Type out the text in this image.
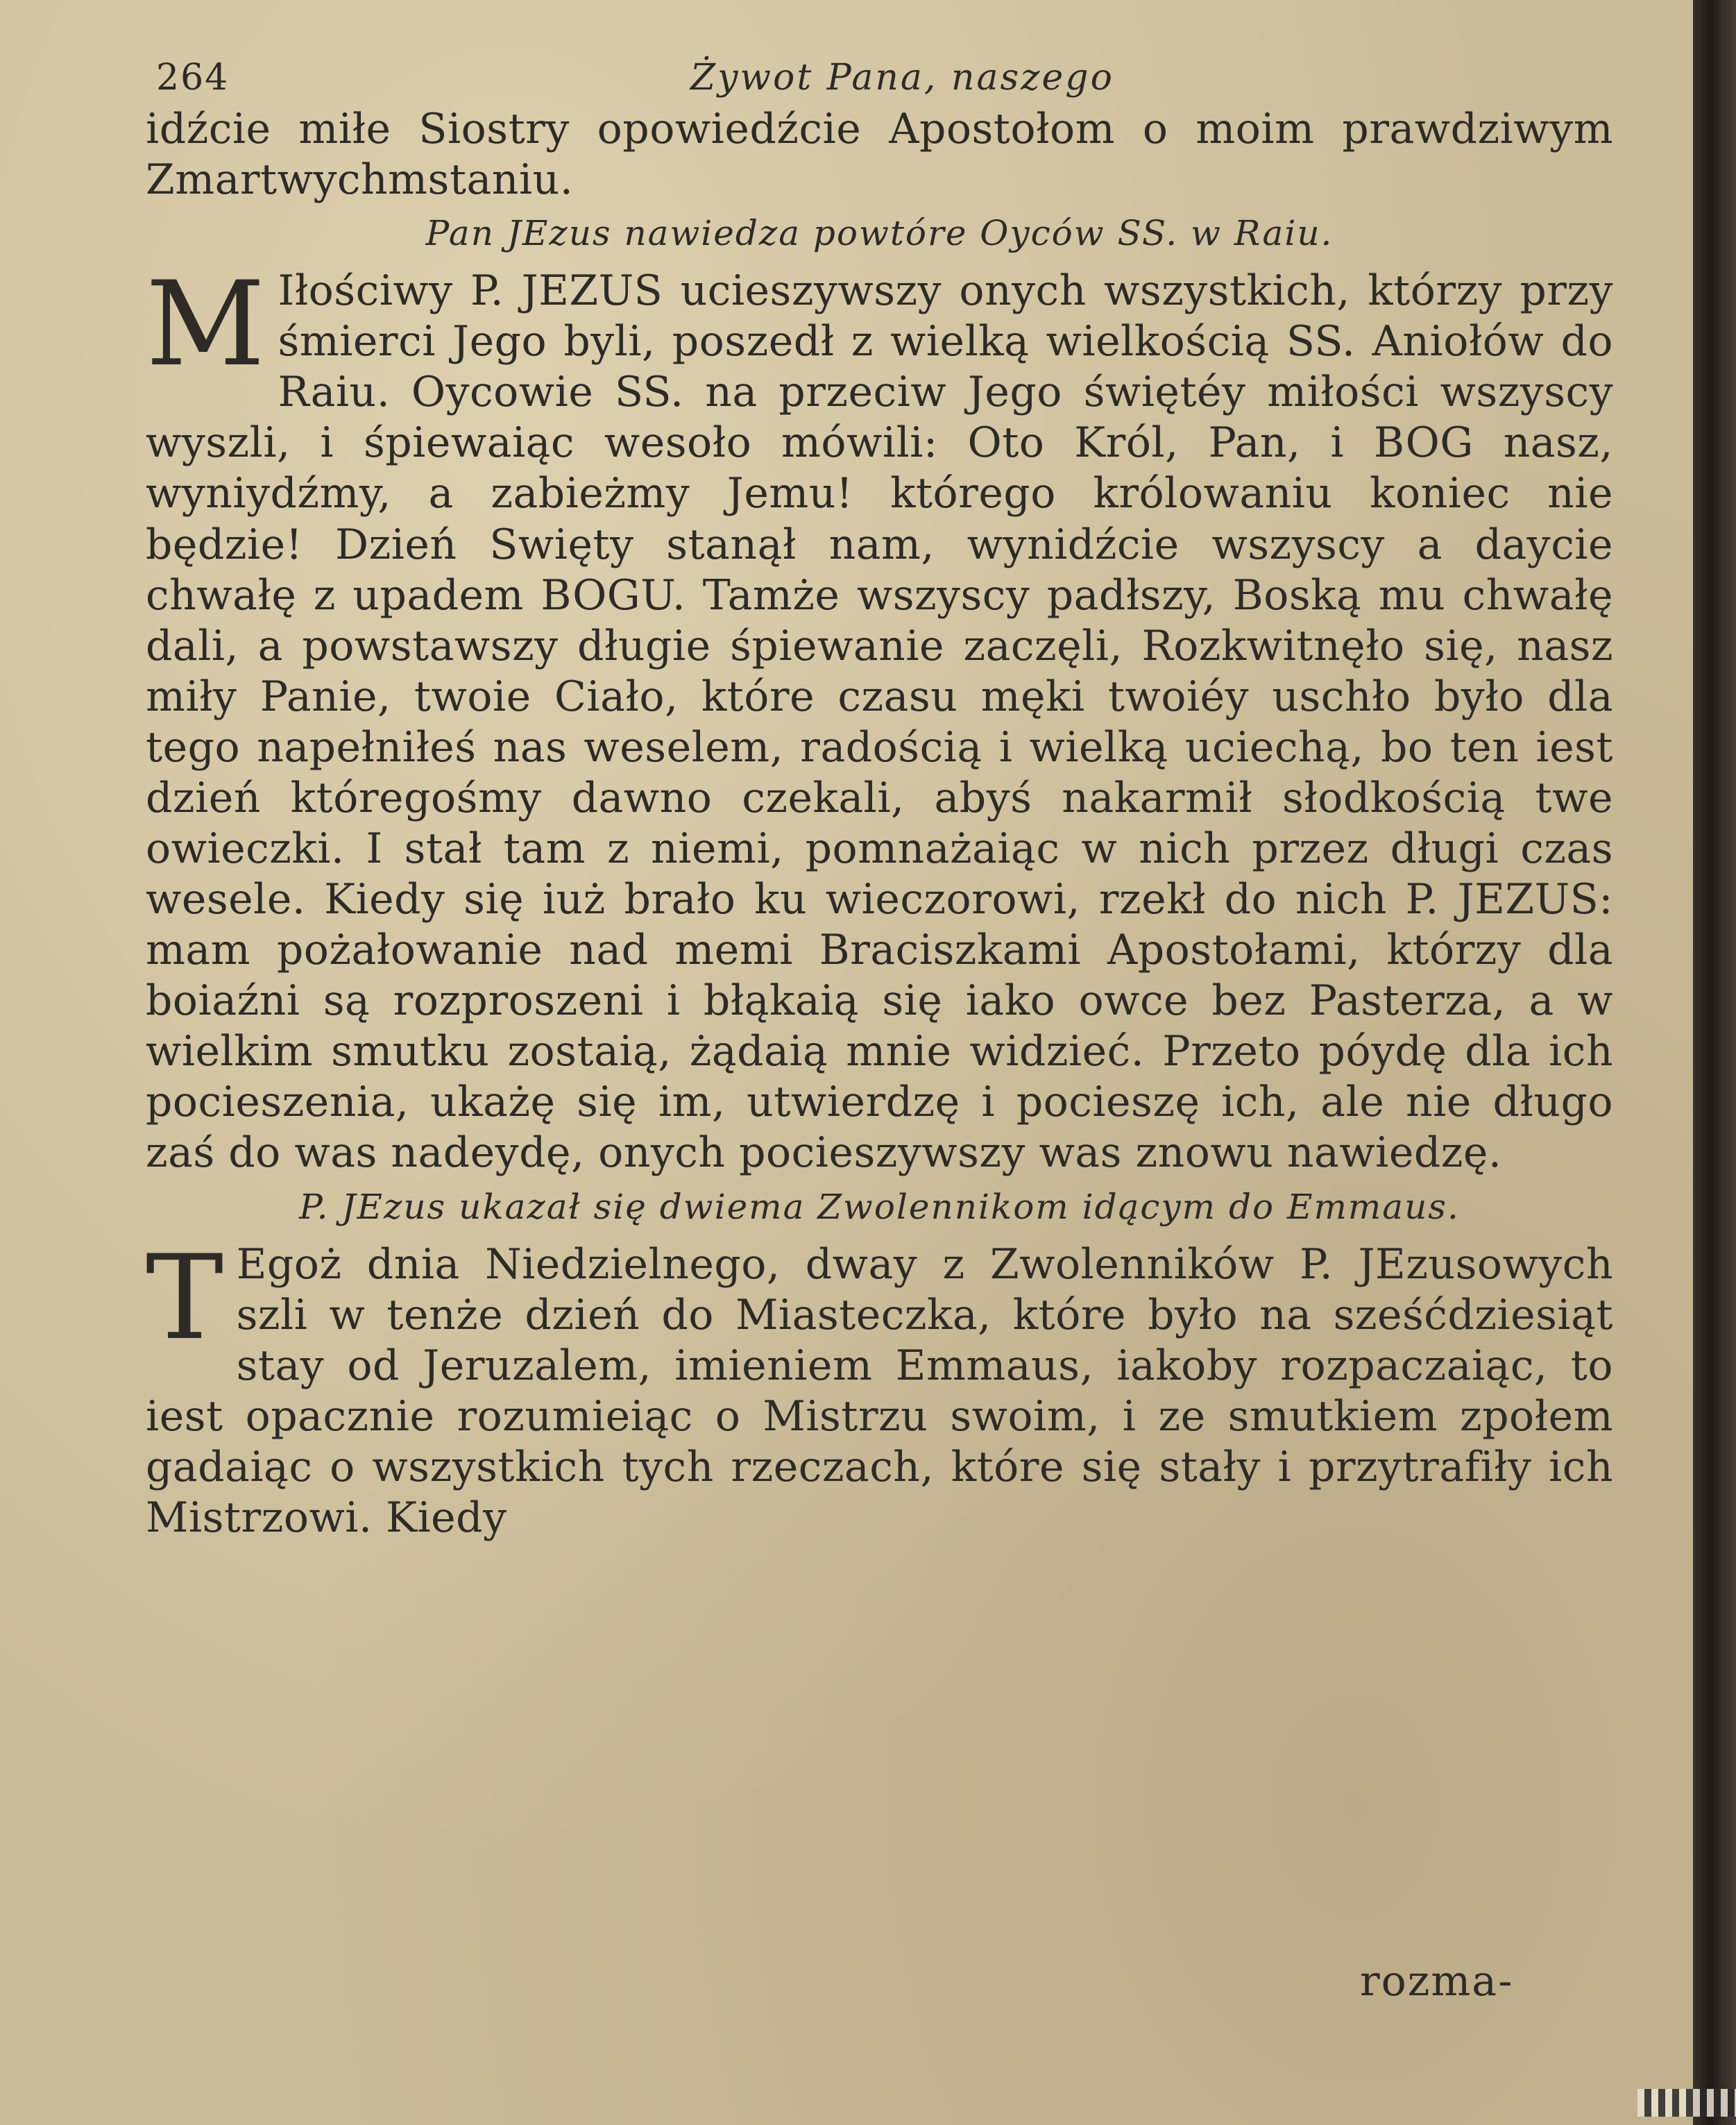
264	Żywot Pana, naszego

idźcie miłe Siostry opowiedźcie Apostołom o moim prawdziwym Zmartwychmstaniu.

Pan JEzus nawiedza powtóre Oyców SS. w Raiu.

M Iłościwy P. JEZUS ucieszywszy onych wszystkich, którzy przy śmierci Jego byli, poszedł z wielką wielkością SS. Aniołów do Raiu. Oycowie SS. na przeciw Jego świętéy miłości wszyscy wyszli, i śpiewaiąc wesoło mówili: Oto Król, Pan, i BOG nasz, wyniydźmy, a zabieżmy Jemu! którego królowaniu koniec nie będzie! Dzień Swięty stanął nam, wynidźcie wszyscy a daycie chwałę z upadem BOGU. Tamże wszyscy padłszy, Boską mu chwałę dali, a powstawszy długie śpiewanie zaczęli, Rozkwitnęło się, nasz miły Panie, twoie Ciało, które czasu męki twoiéy uschło było dla tego napełniłeś nas weselem, radością i wielką uciechą, bo ten iest dzień któregośmy dawno czekali, abyś nakarmił słodkością twe owieczki. I stał tam z niemi, pomnażaiąc w nich przez długi czas wesele. Kiedy się iuż brało ku wieczorowi, rzekł do nich P. JEZUS: mam pożałowanie nad memi Braciszkami Apostołami, którzy dla boiaźni są rozproszeni i błąkaią się iako owce bez Pasterza, a w wielkim smutku zostaią, żądaią mnie widzieć. Przeto póydę dla ich pocieszenia, ukażę się im, utwierdzę i pocieszę ich, ale nie długo zaś do was nadeydę, onych pocieszywszy was znowu nawiedzę.

P. JEzus ukazał się dwiema Zwolennikom idącym do Emmaus.

T Egoż dnia Niedzielnego, dway z Zwolenników P. JEzusowych szli w tenże dzień do Miasteczka, które było na sześćdziesiąt stay od Jeruzalem, imieniem Emmaus, iakoby rozpaczaiąc, to iest opacznie rozumieiąc o Mistrzu swoim, i ze smutkiem zpołem gadaiąc o wszystkich tych rzeczach, które się stały i przytrafiły ich Mistrzowi. Kiedy

rozma-
